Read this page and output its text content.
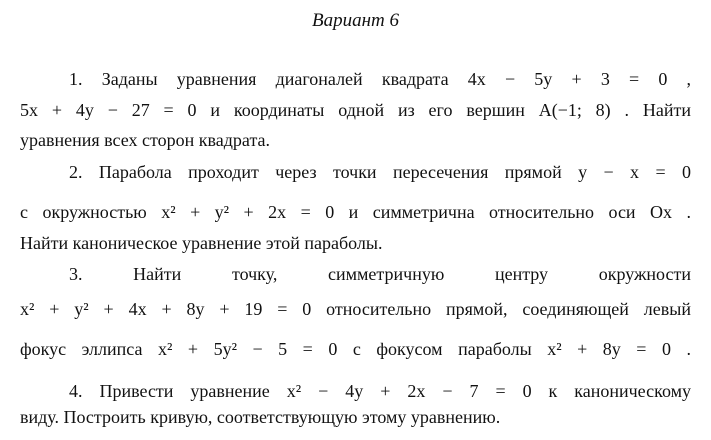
Вариант 6
1. Заданы уравнения диагоналей квадрата 4x − 5y + 3 = 0 ,
5x + 4y − 27 = 0 и координаты одной из его вершин A(−1; 8) . Найти
уравнения всех сторон квадрата.
2. Парабола проходит через точки пересечения прямой y − x = 0
с окружностью x² + y² + 2x = 0 и симметрична относительно оси Ox .
Найти каноническое уравнение этой параболы.
3.	Найти точку, симметричную центру окружности
x² + y² + 4x + 8y + 19 = 0 относительно прямой, соединяющей левый
фокус эллипса x² + 5y² − 5 = 0 с фокусом параболы x² + 8y = 0 .
4. Привести уравнение x² − 4y + 2x − 7 = 0 к каноническому
виду. Построить кривую, соответствующую этому уравнению.
